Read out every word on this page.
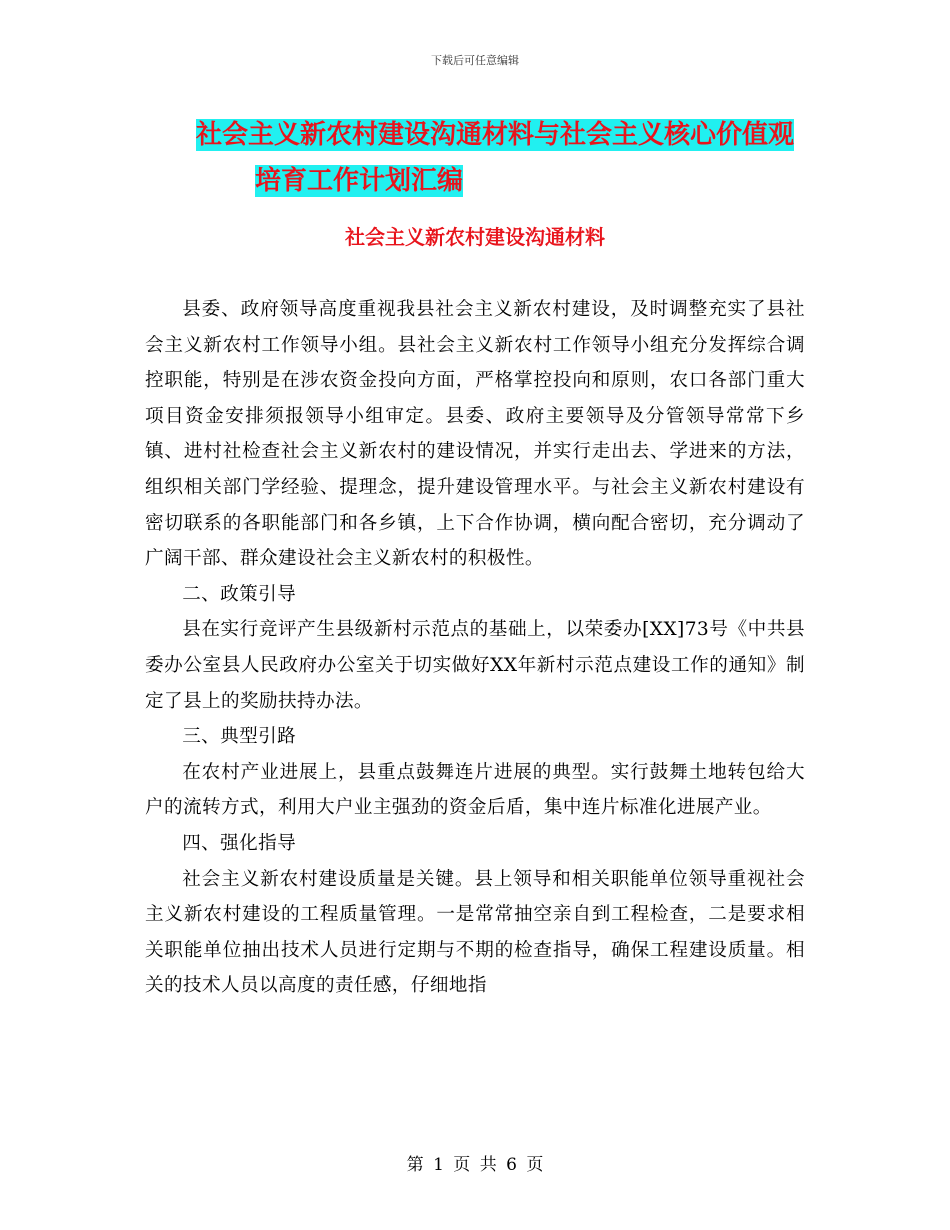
下载后可任意编辑
社会主义新农村建设沟通材料与社会主义核心价值观
培育工作计划汇编
社会主义新农村建设沟通材料

县委、政府领导高度重视我县社会主义新农村建设，及时调整充实了县社会主义新农村工作领导小组。县社会主义新农村工作领导小组充分发挥综合调控职能，特别是在涉农资金投向方面，严格掌控投向和原则，农口各部门重大项目资金安排须报领导小组审定。县委、政府主要领导及分管领导常常下乡镇、进村社检查社会主义新农村的建设情况，并实行走出去、学进来的方法，组织相关部门学经验、提理念，提升建设管理水平。与社会主义新农村建设有密切联系的各职能部门和各乡镇，上下合作协调，横向配合密切，充分调动了广阔干部、群众建设社会主义新农村的积极性。

二、政策引导

县在实行竞评产生县级新村示范点的基础上，以荣委办[XX]73号《中共县委办公室县人民政府办公室关于切实做好XX年新村示范点建设工作的通知》制定了县上的奖励扶持办法。

三、典型引路

在农村产业进展上，县重点鼓舞连片进展的典型。实行鼓舞土地转包给大户的流转方式，利用大户业主强劲的资金后盾，集中连片标准化进展产业。

四、强化指导

社会主义新农村建设质量是关键。县上领导和相关职能单位领导重视社会主义新农村建设的工程质量管理。一是常常抽空亲自到工程检查，二是要求相关职能单位抽出技术人员进行定期与不期的检查指导，确保工程建设质量。相关的技术人员以高度的责任感，仔细地指

第 1 页 共 6 页
